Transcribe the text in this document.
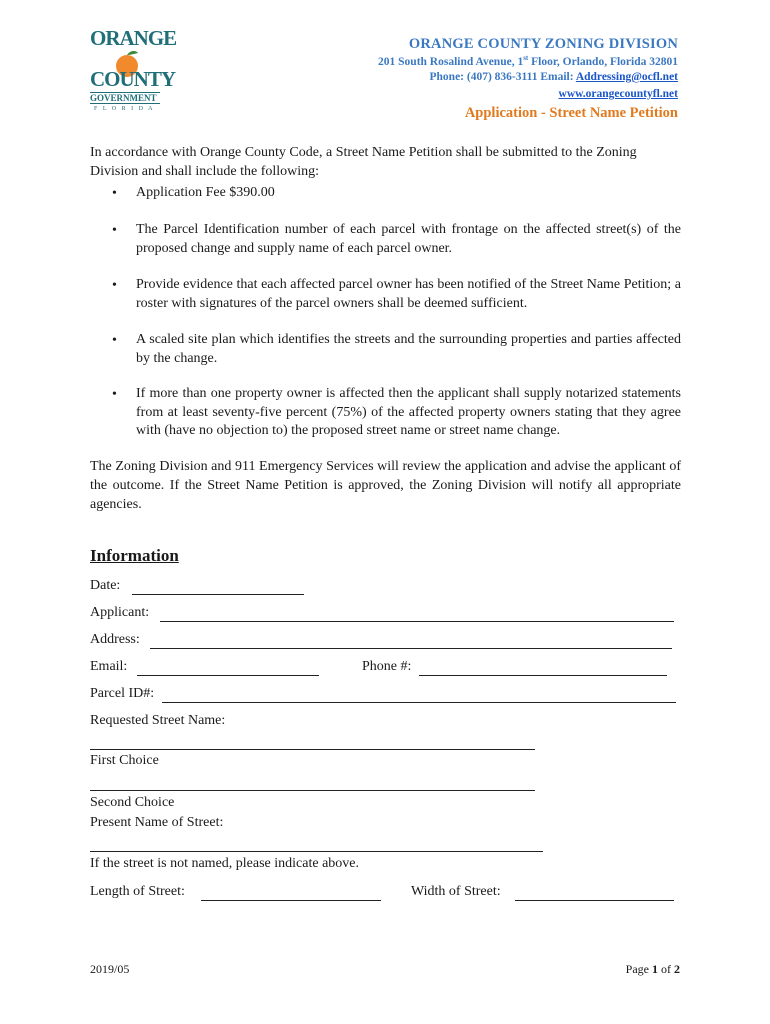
ORANGE
COUNTY
GOVERNMENT
F L O R I D A
ORANGE COUNTY ZONING DIVISION
201 South Rosalind Avenue, 1st Floor, Orlando, Florida 32801
Phone: (407) 836-3111 Email: Addressing@ocfl.net
www.orangecountyfl.net
Application - Street Name Petition
In accordance with Orange County Code, a Street Name Petition shall be submitted to the Zoning Division and shall include the following:
• Application Fee $390.00
• The Parcel Identification number of each parcel with frontage on the affected street(s) of the proposed change and supply name of each parcel owner.
• Provide evidence that each affected parcel owner has been notified of the Street Name Petition; a roster with signatures of the parcel owners shall be deemed sufficient.
• A scaled site plan which identifies the streets and the surrounding properties and parties affected by the change.
• If more than one property owner is affected then the applicant shall supply notarized statements from at least seventy-five percent (75%) of the affected property owners stating that they agree with (have no objection to) the proposed street name or street name change.
The Zoning Division and 911 Emergency Services will review the application and advise the applicant of the outcome. If the Street Name Petition is approved, the Zoning Division will notify all appropriate agencies.
Information
Date:
Applicant:
Address:
Email:	Phone #:
Parcel ID#:
Requested Street Name:
First Choice
Second Choice
Present Name of Street:
If the street is not named, please indicate above.
Length of Street:	Width of Street:
2019/05	Page 1 of 2
